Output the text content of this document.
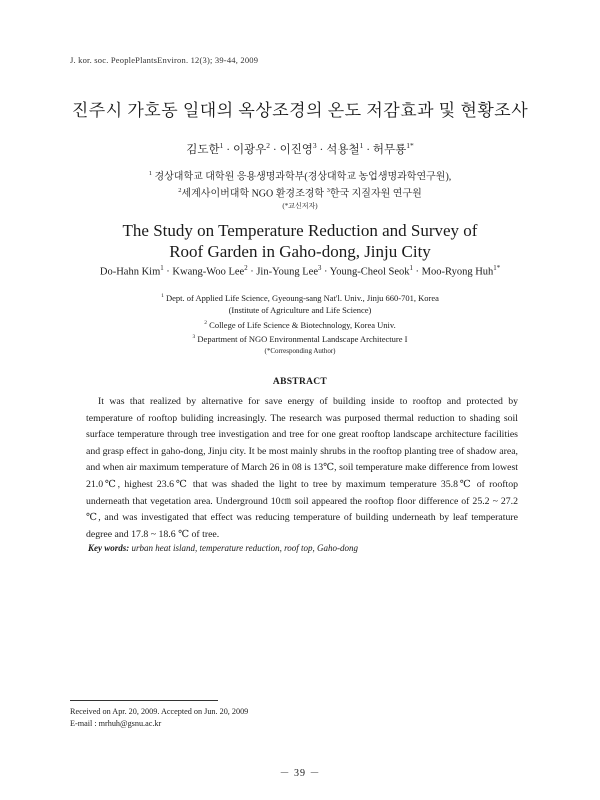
J. kor. soc. PeoplePlantsEnviron. 12(3); 39-44, 2009
진주시 가호동 일대의 옥상조경의 온도 저감효과 및 현황조사
김도한$^1$ · 이광우$^2$ · 이진영$^3$ · 석용철$^1$ · 허무룡$^{1*}$
$^1$ 경상대학교 대학원 응용생명과학부(경상대학교 농업생명과학연구원),
$^2$세계사이버대학 NGO 환경조경학 $^3$한국 지질자원 연구원
(*교신저자)
The Study on Temperature Reduction and Survey of
Roof Garden in Gaho-dong, Jinju City
Do-Hahn Kim$^1$ · Kwang-Woo Lee$^2$ · Jin-Young Lee$^3$ · Young-Cheol Seok$^1$ · Moo-Ryong Huh$^{1*}$
$^1$ Dept. of Applied Life Science, Gyeoung-sang Nat'l. Univ., Jinju 660-701, Korea
(Institute of Agriculture and Life Science)
$^2$ College of Life Science & Biotechnology, Korea Univ.
$^3$ Department of NGO Environmental Landscape Architecture I
(*Corresponding Author)
ABSTRACT

It was that realized by alternative for save energy of building inside to rooftop and protected by temperature of rooftop buliding increasingly. The research was purposed thermal reduction to shading soil surface temperature through tree investigation and tree for one great rooftop landscape architecture facilities and grasp effect in gaho-dong, Jinju city. It be most mainly shrubs in the rooftop planting tree of shadow area, and when air maximum temperature of March 26 in 08 is 13℃, soil temperature make difference from lowest 21.0℃, highest 23.6℃ that was shaded the light to tree by maximum temperature 35.8℃ of rooftop underneath that vegetation area. Underground 10㎝ soil appeared the rooftop floor difference of 25.2 ~ 27.2 ℃, and was investigated that effect was reducing temperature of building underneath by leaf temperature degree and 17.8 ~ 18.6 ℃ of tree.

Key words: urban heat island, temperature reduction, roof top, Gaho-dong
Received on Apr. 20, 2009. Accepted on Jun. 20, 2009
E-mail : mrhuh@gsnu.ac.kr
－ 39 －
